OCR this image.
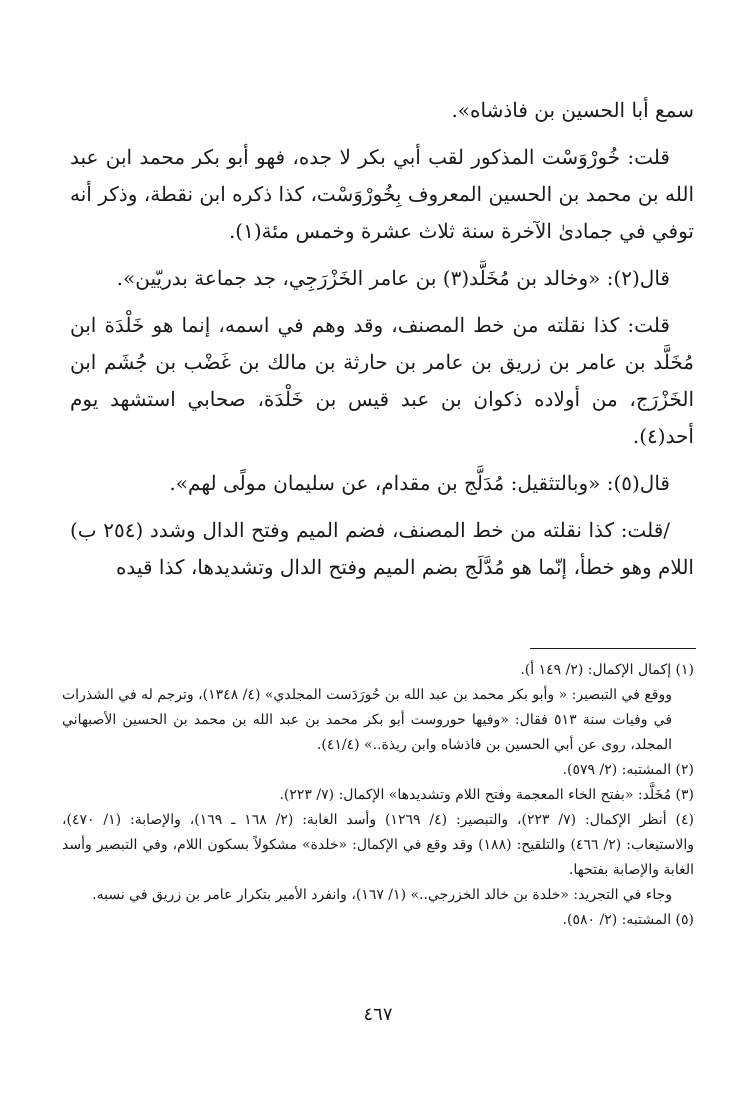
سمع أبا الحسين بن فاذشاه».

قلت: خُورْوَسْت المذكور لقب أبي بكر لا جده، فهو أبو بكر محمد ابن عبد الله بن محمد بن الحسين المعروف بِخُورْوَسْت، كذا ذكره ابن نقطة، وذكر أنه توفي في جمادىٰ الآخرة سنة ثلاث عشرة وخمس مئة(١).

قال(٢): «وخالد بن مُخَلَّد(٣) بن عامر الخَزْرَجِي، جد جماعة بدريّين».

قلت: كذا نقلته من خط المصنف، وقد وهم في اسمه، إنما هو خَلْدَة ابن مُخَلَّد بن عامر بن زريق بن عامر بن حارثة بن مالك بن غَضْب بن جُشَم ابن الخَزْرَج، من أولاده ذكوان بن عبد قيس بن خَلْدَة، صحابي استشهد يوم أحد(٤).

قال(٥): «وبالتثقيل: مُدَلَّج بن مقدام، عن سليمان مولًى لهم».

/قلت: كذا نقلته من خط المصنف، فضم الميم وفتح الدال وشدد (٢٥٤ ب) اللام وهو خطأ، إنّما هو مُدَّلَج بضم الميم وفتح الدال وتشديدها، كذا قيده

(١) إكمال الإكمال: (٢/ ١٤٩ أ).

ووقع في التبصير: « وأبو بكر محمد بن عبد الله بن حُورَدَست المجلدي» (٤/ ١٣٤٨)، وترجم له في الشذرات في وفيات سنة ٥١٣ فقال: «وفيها حوروست أبو بكر محمد بن عبد الله بن محمد بن الحسين الأصبهاني المجلد، روى عن أبي الحسين بن فاذشاه وابن ريذة..» (٤١/٤).

(٢) المشتبه: (٢/ ٥٧٩).

(٣) مُخَلَّد: «بفتح الخاء المعجمة وفتح اللام وتشديدها» الإكمال: (٧/ ٢٢٣).

(٤) أنظر الإكمال: (٧/ ٢٢٣)، والتبصير: (٤/ ١٢٦٩) وأسد الغابة: (٢/ ١٦٨ ـ ١٦٩)، والإصابة: (١/ ٤٧٠)، والاستيعاب: (٢/ ٤٦٦) والتلقيح: (١٨٨) وقد وقع في الإكمال: «خلدة» مشكولاً بسكون اللام، وفي التبصير وأسد الغابة والإصابة بفتحها.

وجاء في التجريد: «خلدة بن خالد الخزرجي..» (١/ ١٦٧)، وانفرد الأمير بتكرار عامر بن زريق في نسبه.

(٥) المشتبه: (٢/ ٥٨٠).

٤٦٧
